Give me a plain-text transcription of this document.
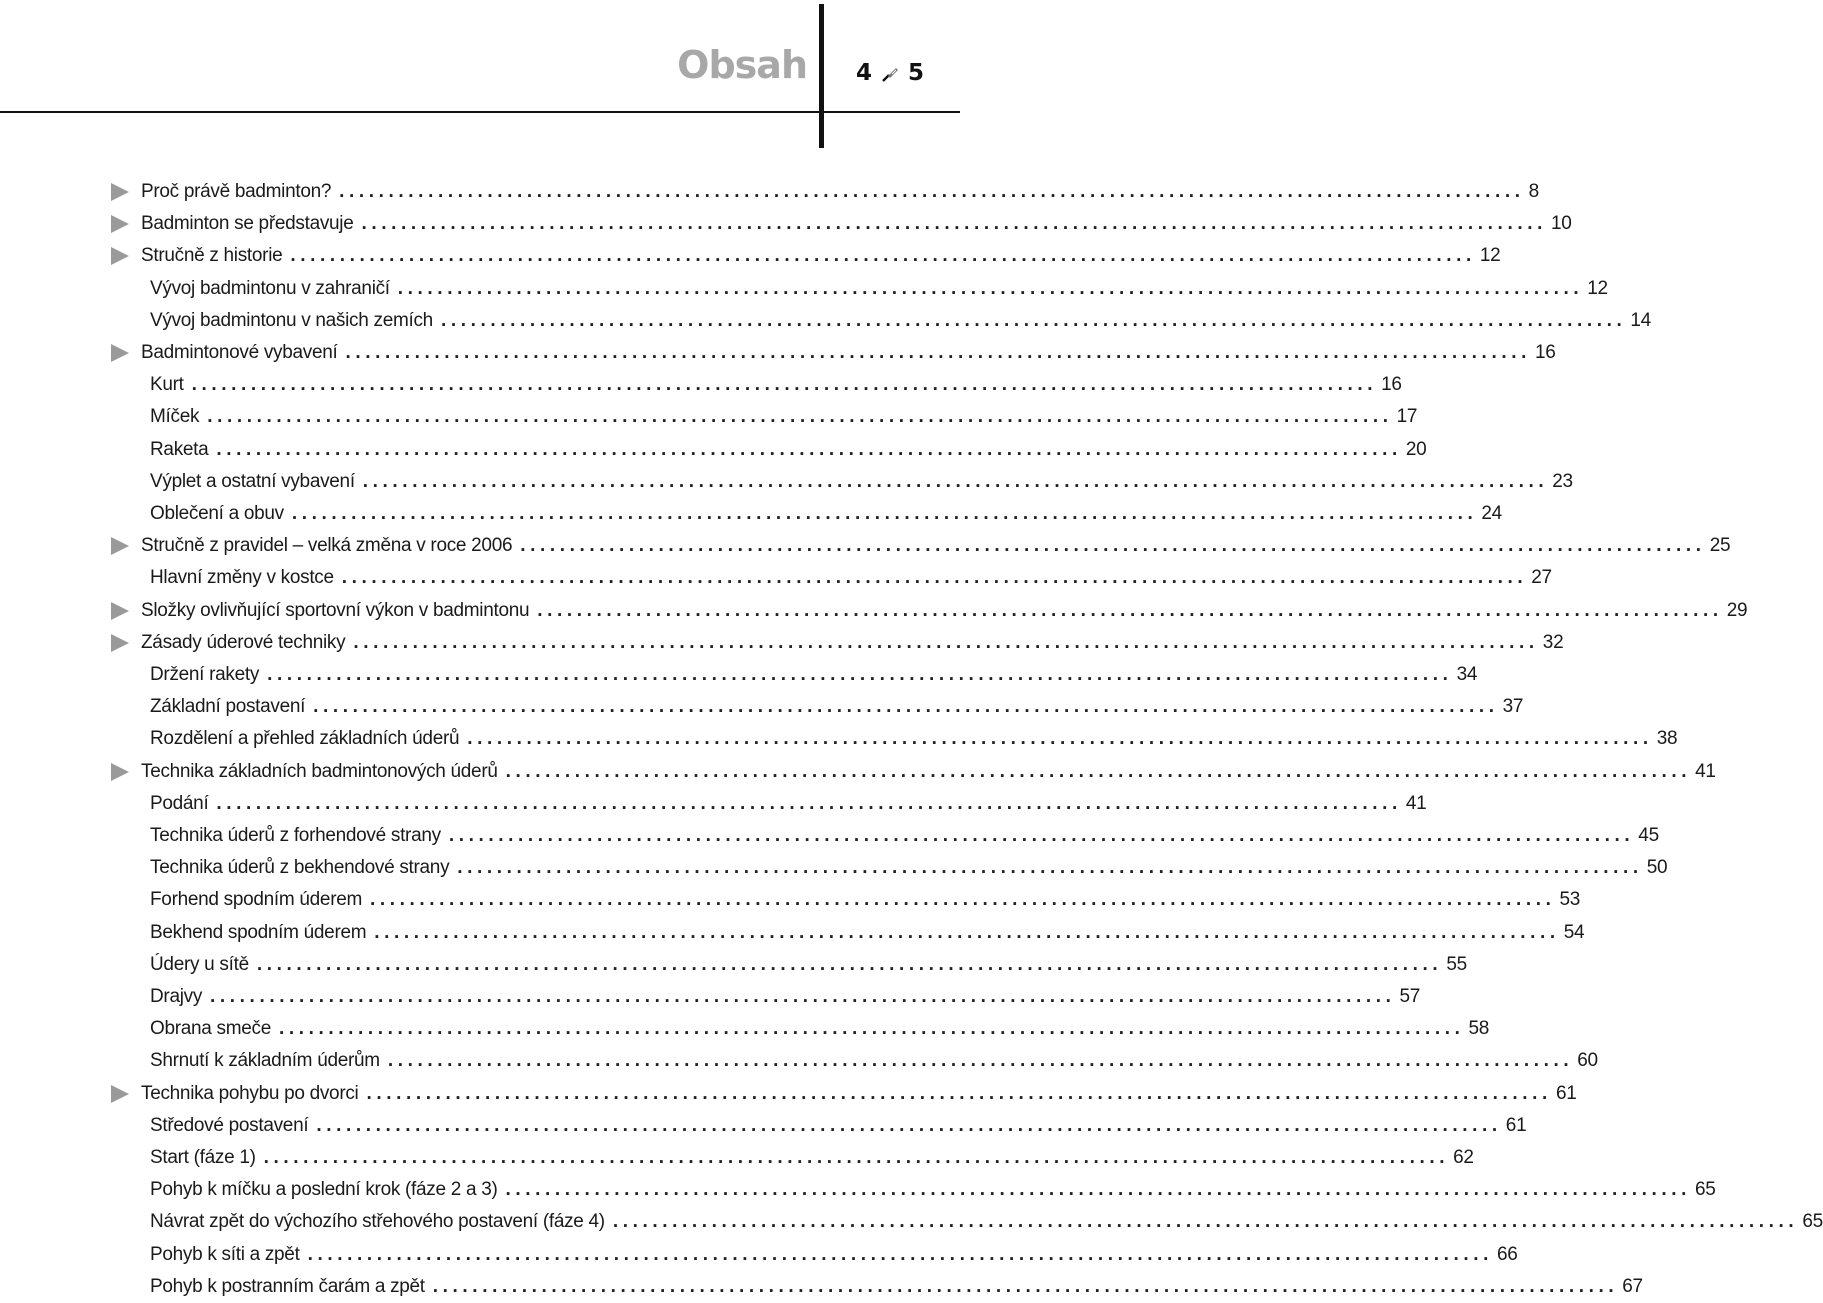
Obsah 4 5
Proč právě badminton? ........................................................................................................................ 8
Badminton se představuje ........................................................................................................................ 10
Stručně z historie ........................................................................................................................ 12
Vývoj badmintonu v zahraničí ........................................................................................................................ 12
Vývoj badmintonu v našich zemích ........................................................................................................................ 14
Badmintonové vybavení ........................................................................................................................ 16
Kurt ........................................................................................................................ 16
Míček ........................................................................................................................ 17
Raketa ........................................................................................................................ 20
Výplet a ostatní vybavení ........................................................................................................................ 23
Oblečení a obuv ........................................................................................................................ 24
Stručně z pravidel – velká změna v roce 2006 ........................................................................................................................ 25
Hlavní změny v kostce ........................................................................................................................ 27
Složky ovlivňující sportovní výkon v badmintonu ........................................................................................................................ 29
Zásady úderové techniky ........................................................................................................................ 32
Držení rakety ........................................................................................................................ 34
Základní postavení ........................................................................................................................ 37
Rozdělení a přehled základních úderů ........................................................................................................................ 38
Technika základních badmintonových úderů ........................................................................................................................ 41
Podání ........................................................................................................................ 41
Technika úderů z forhendové strany ........................................................................................................................ 45
Technika úderů z bekhendové strany ........................................................................................................................ 50
Forhend spodním úderem ........................................................................................................................ 53
Bekhend spodním úderem ........................................................................................................................ 54
Údery u sítě ........................................................................................................................ 55
Drajvy ........................................................................................................................ 57
Obrana smeče ........................................................................................................................ 58
Shrnutí k základním úderům ........................................................................................................................ 60
Technika pohybu po dvorci ........................................................................................................................ 61
Středové postavení ........................................................................................................................ 61
Start (fáze 1) ........................................................................................................................ 62
Pohyb k míčku a poslední krok (fáze 2 a 3) ........................................................................................................................ 65
Návrat zpět do výchozího střehového postavení (fáze 4) ........................................................................................................................ 65
Pohyb k síti a zpět ........................................................................................................................ 66
Pohyb k postranním čarám a zpět ........................................................................................................................ 67
